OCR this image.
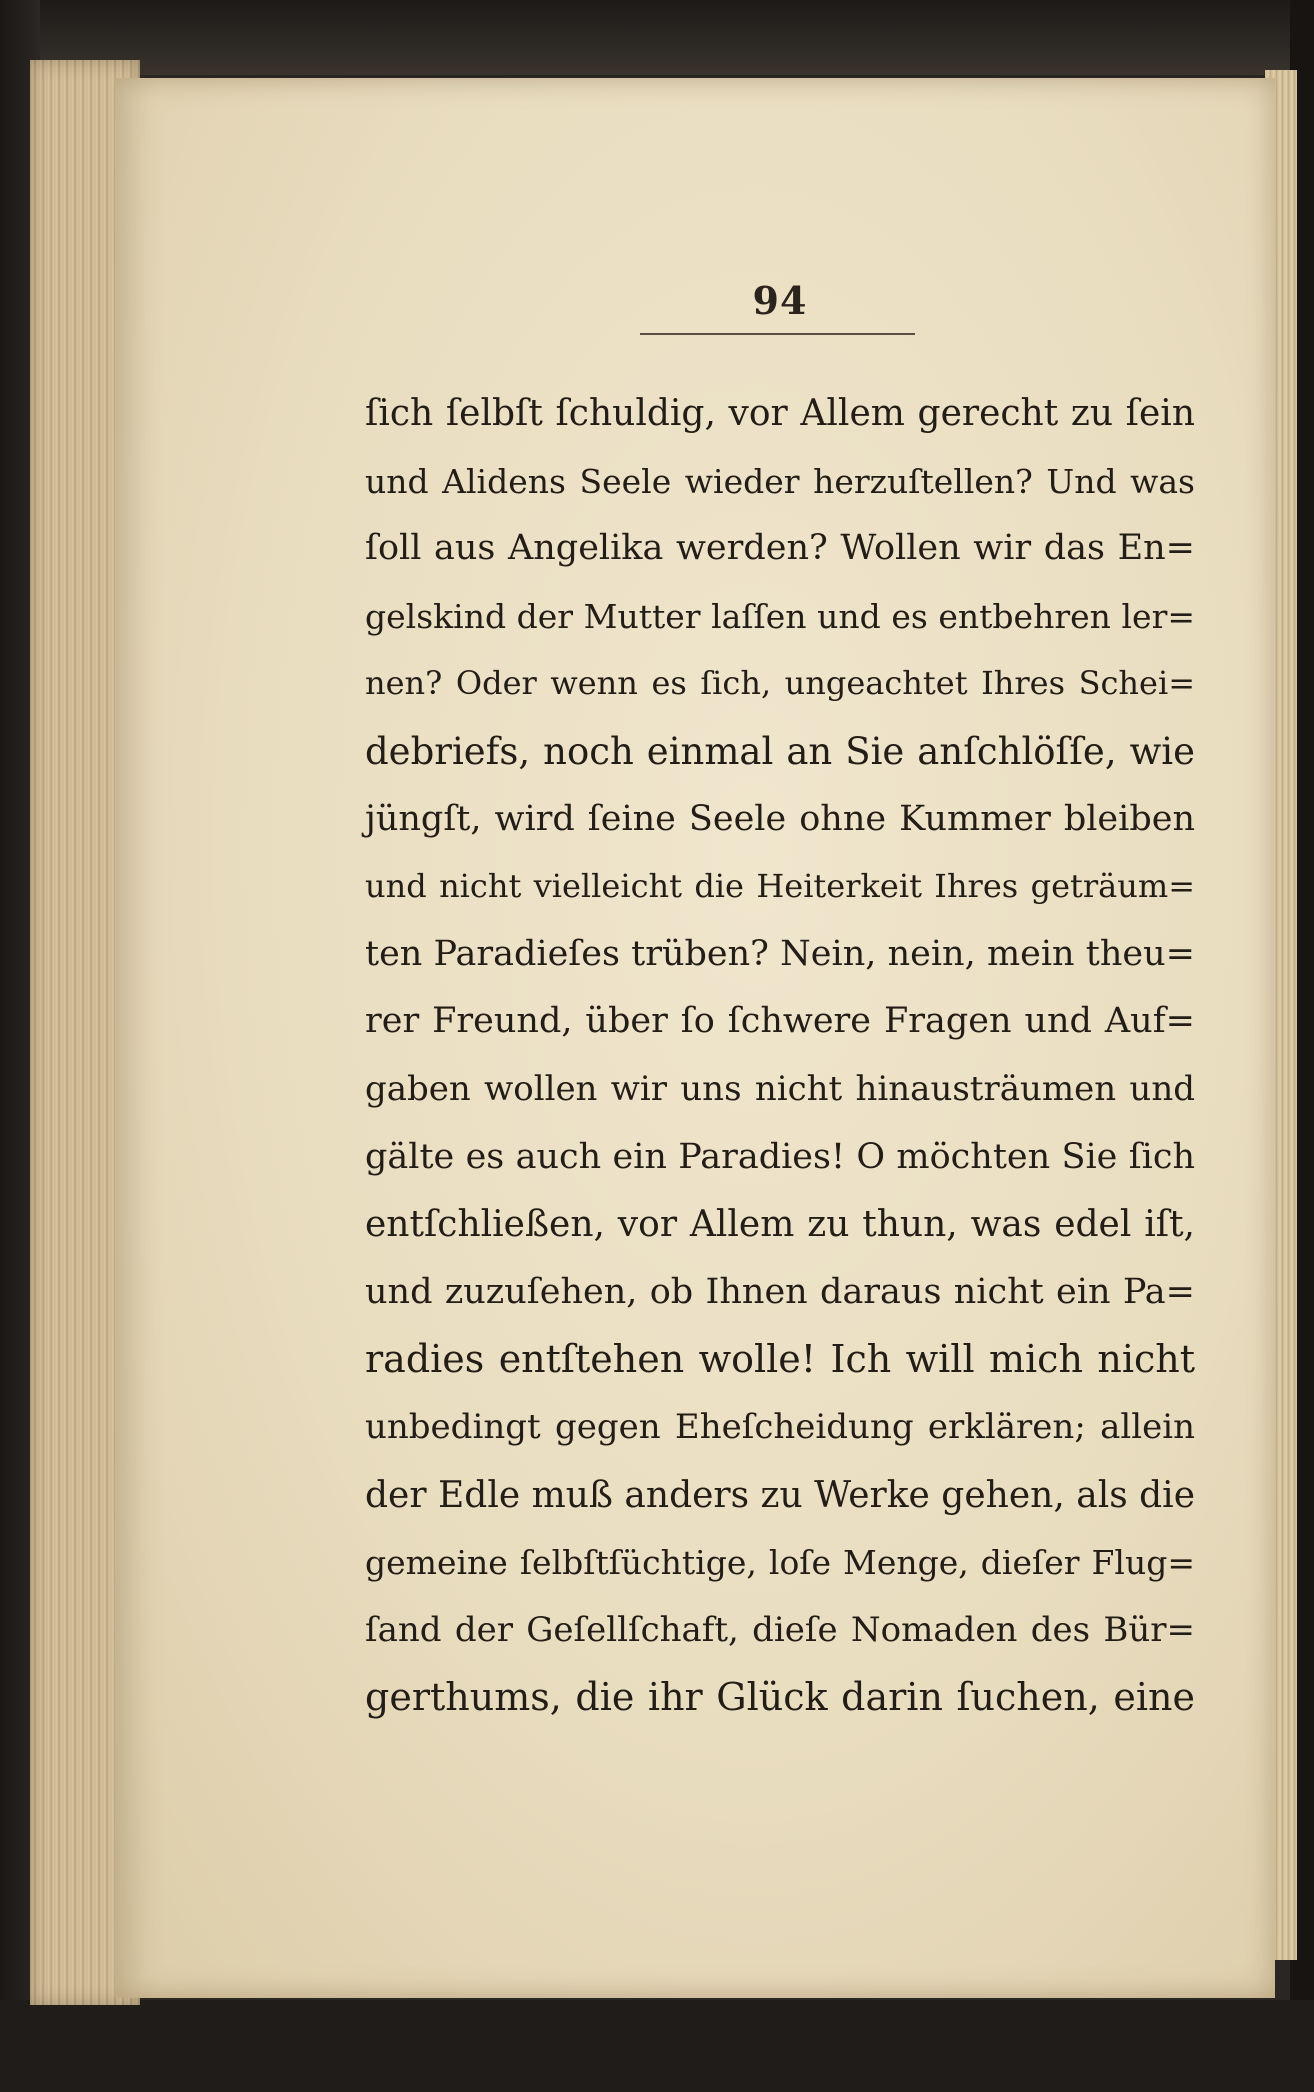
94
ſich ſelbſt ſchuldig, vor Allem gerecht zu ſein
und Alidens Seele wieder herzuſtellen? Und was
ſoll aus Angelika werden? Wollen wir das En=
gelskind der Mutter laſſen und es entbehren ler=
nen? Oder wenn es ſich, ungeachtet Ihres Schei=
debriefs, noch einmal an Sie anſchlöſſe, wie
jüngſt, wird ſeine Seele ohne Kummer bleiben
und nicht vielleicht die Heiterkeit Ihres geträum=
ten Paradieſes trüben? Nein, nein, mein theu=
rer Freund, über ſo ſchwere Fragen und Auf=
gaben wollen wir uns nicht hinausträumen und
gälte es auch ein Paradies! O möchten Sie ſich
entſchließen, vor Allem zu thun, was edel iſt,
und zuzuſehen, ob Ihnen daraus nicht ein Pa=
radies entſtehen wolle! Ich will mich nicht
unbedingt gegen Eheſcheidung erklären; allein
der Edle muß anders zu Werke gehen, als die
gemeine ſelbſtſüchtige, loſe Menge, dieſer Flug=
ſand der Geſellſchaft, dieſe Nomaden des Bür=
gerthums, die ihr Glück darin ſuchen, eine
